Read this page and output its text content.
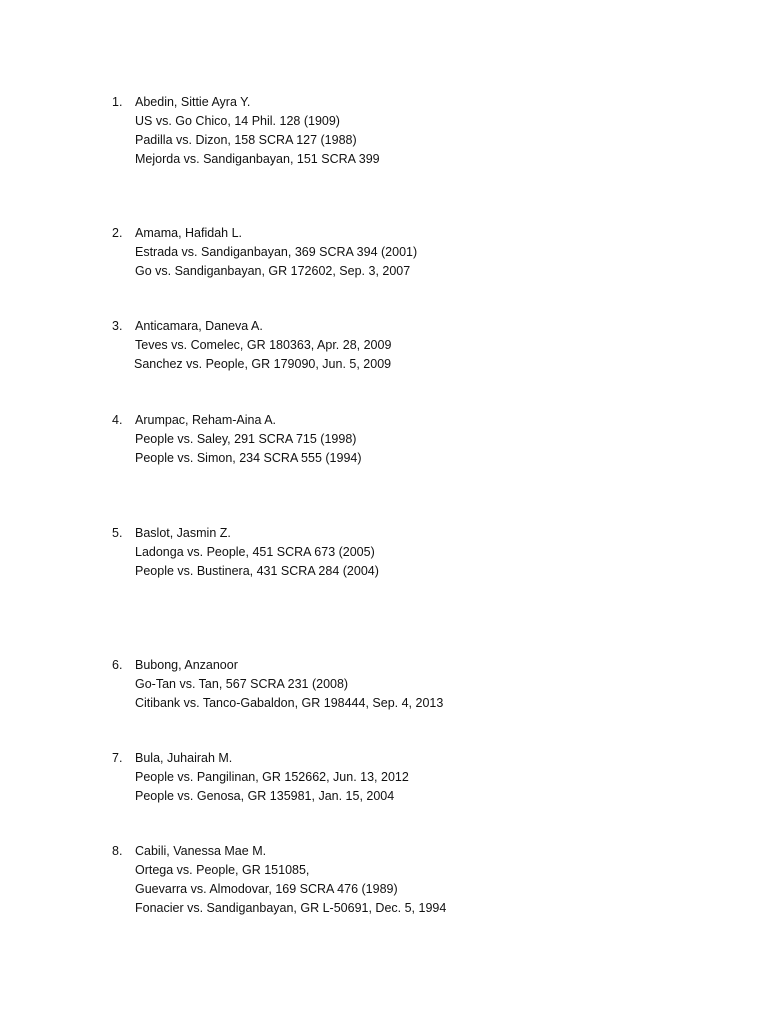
1.	Abedin, Sittie Ayra Y.
US vs. Go Chico, 14 Phil. 128 (1909)
Padilla vs. Dizon, 158 SCRA 127 (1988)
Mejorda vs. Sandiganbayan, 151 SCRA 399
2.	Amama, Hafidah L.
Estrada vs. Sandiganbayan, 369 SCRA 394 (2001)
Go vs. Sandiganbayan, GR 172602, Sep. 3, 2007
3.	Anticamara, Daneva A.
Teves vs. Comelec, GR 180363, Apr. 28, 2009
Sanchez vs. People, GR 179090, Jun. 5, 2009
4.	Arumpac, Reham-Aina A.
People vs. Saley, 291 SCRA 715 (1998)
People vs. Simon, 234 SCRA 555 (1994)
5.	Baslot, Jasmin Z.
Ladonga vs. People, 451 SCRA 673 (2005)
People vs. Bustinera, 431 SCRA 284 (2004)
6.	Bubong, Anzanoor
Go-Tan vs. Tan, 567 SCRA 231 (2008)
Citibank vs. Tanco-Gabaldon, GR 198444, Sep. 4, 2013
7.	Bula, Juhairah M.
People vs. Pangilinan, GR 152662, Jun. 13, 2012
People vs. Genosa, GR 135981, Jan. 15, 2004
8.	Cabili, Vanessa Mae M.
Ortega vs. People, GR 151085,
Guevarra vs. Almodovar, 169 SCRA 476 (1989)
Fonacier vs. Sandiganbayan, GR L-50691, Dec. 5, 1994
